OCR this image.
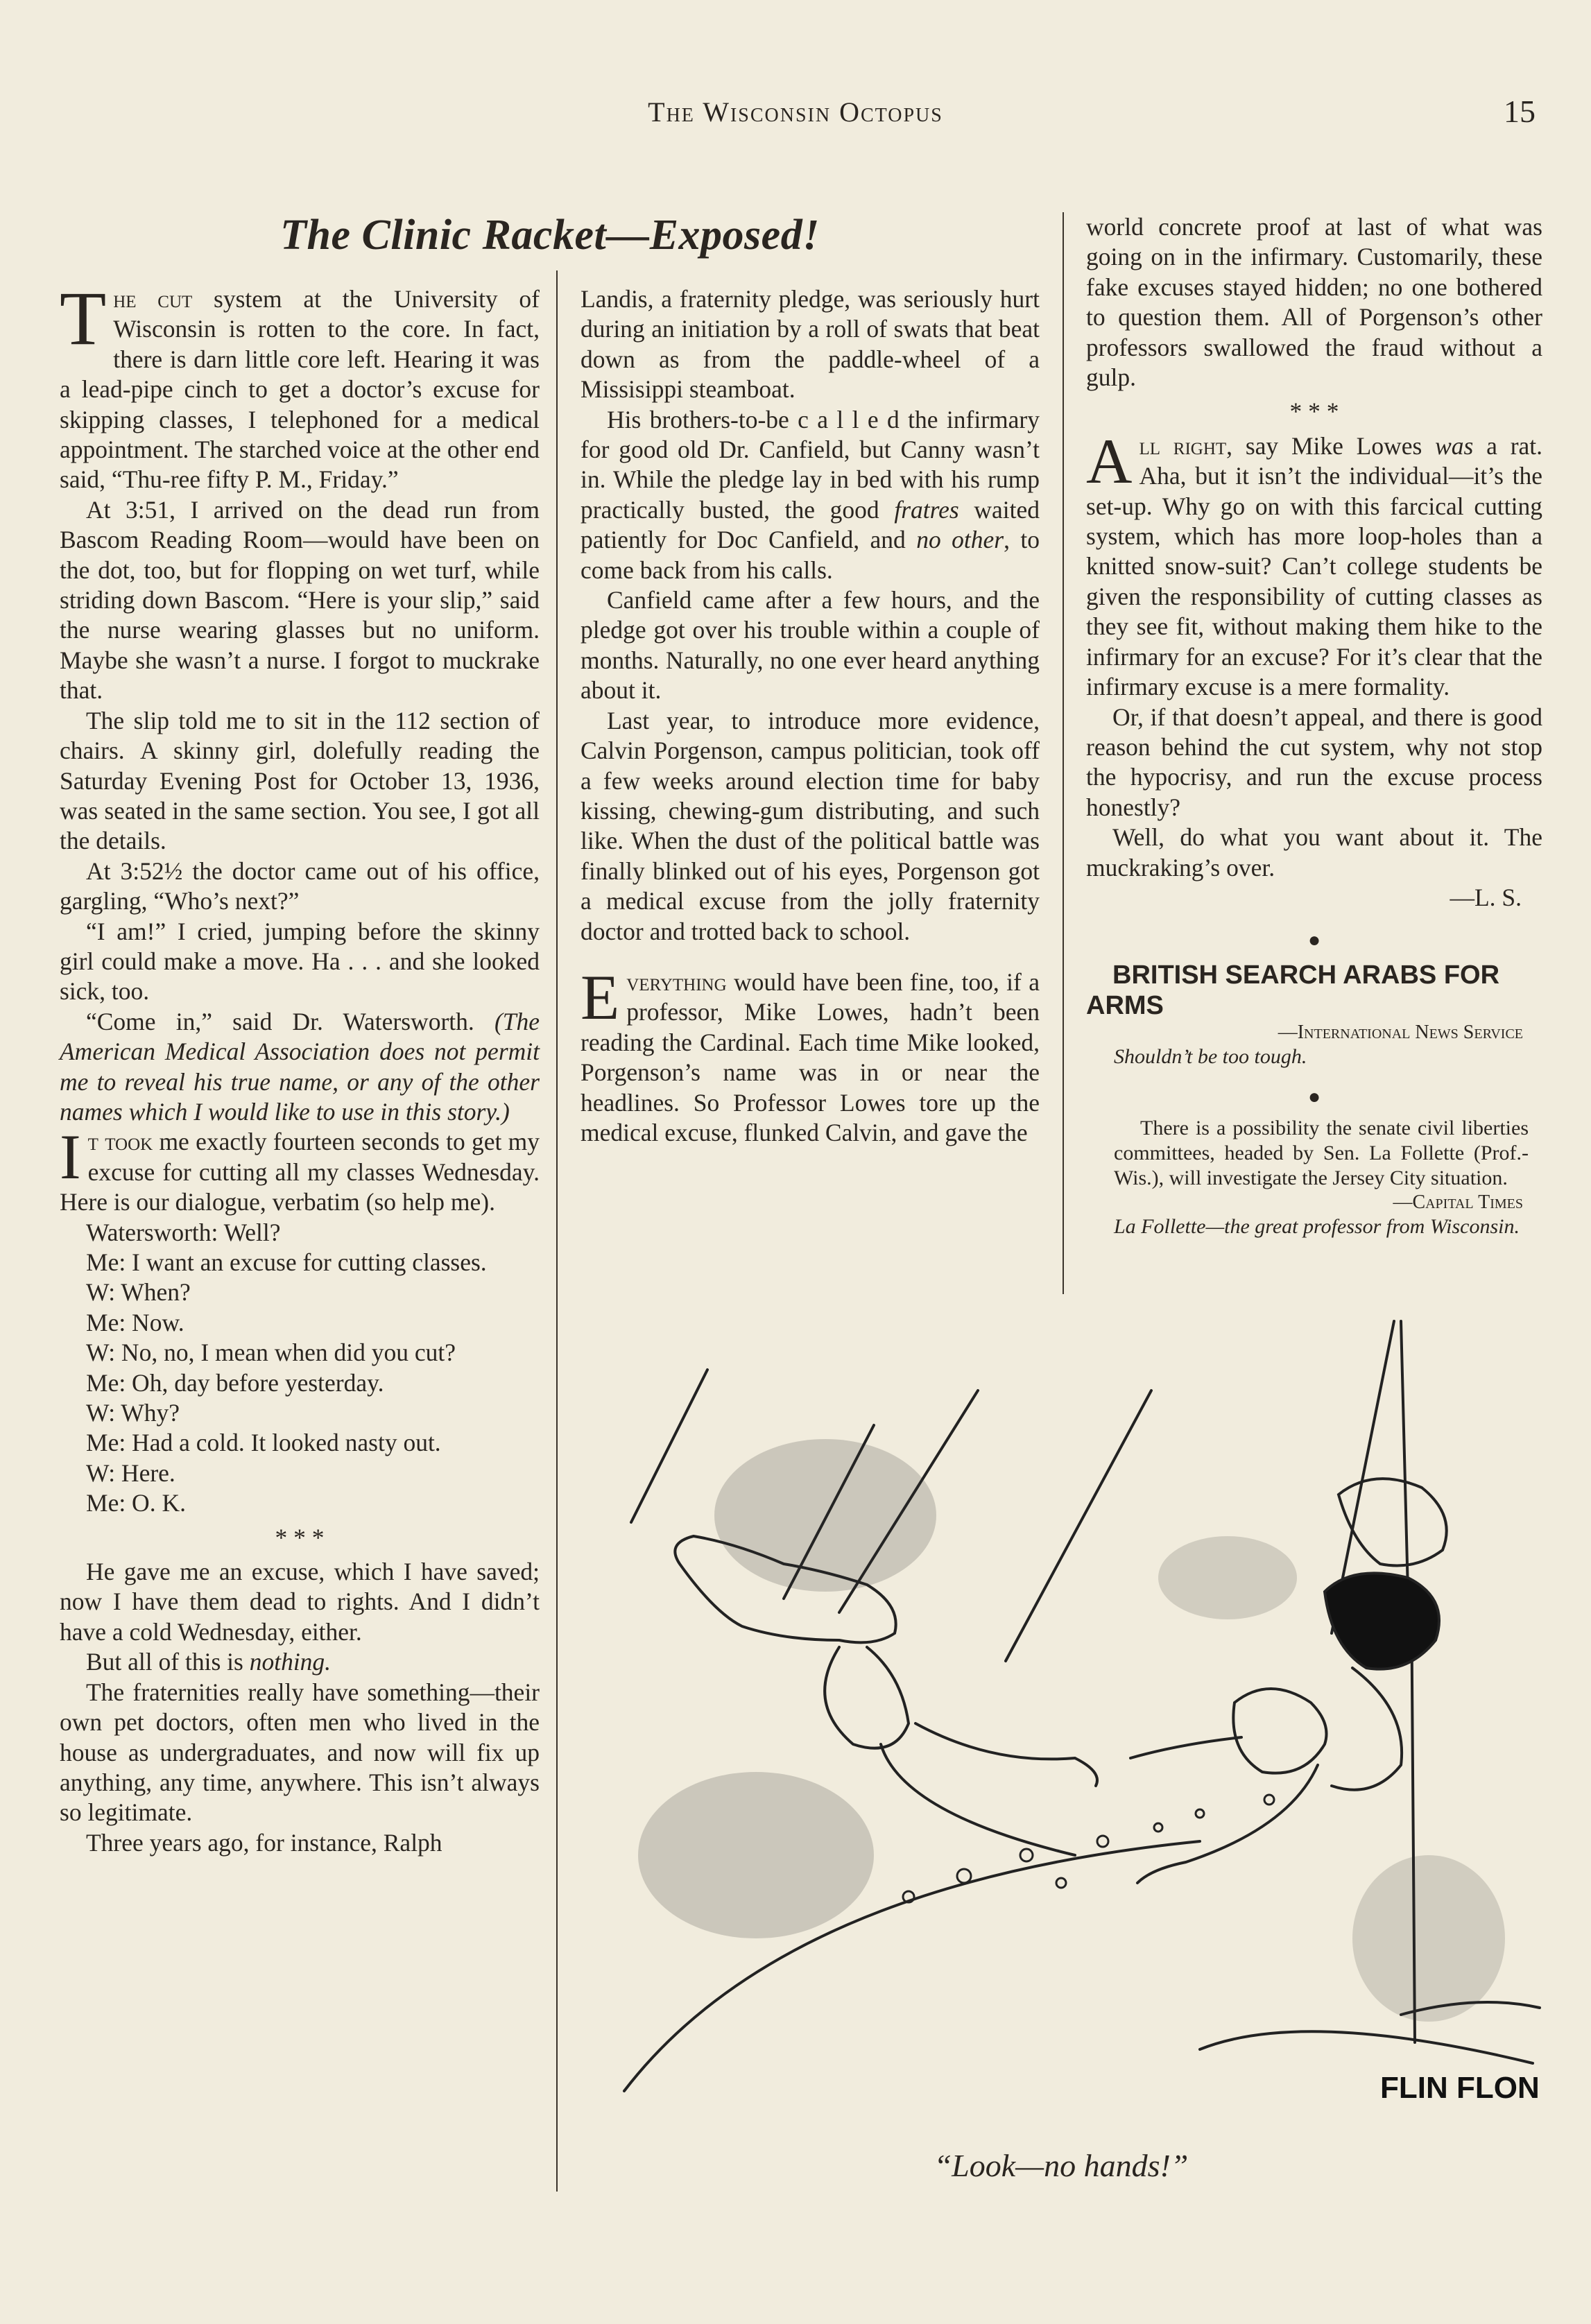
The Wisconsin Octopus	15
The Clinic Racket—Exposed!

The cut system at the University of Wisconsin is rotten to the core. In fact, there is darn little core left. Hearing it was a lead-pipe cinch to get a doctor’s excuse for skipping classes, I telephoned for a medical appointment. The starched voice at the other end said, “Thu-ree fifty P. M., Friday.”

At 3:51, I arrived on the dead run from Bascom Reading Room—would have been on the dot, too, but for flopping on wet turf, while striding down Bascom. “Here is your slip,” said the nurse wearing glasses but no uniform. Maybe she wasn’t a nurse. I forgot to muckrake that.

The slip told me to sit in the 112 section of chairs. A skinny girl, dolefully reading the Saturday Evening Post for October 13, 1936, was seated in the same section. You see, I got all the details.

At 3:52½ the doctor came out of his office, gargling, “Who’s next?”

“I am!” I cried, jumping before the skinny girl could make a move. Ha . . . and she looked sick, too.

“Come in,” said Dr. Watersworth. (The American Medical Association does not permit me to reveal his true name, or any of the other names which I would like to use in this story.)

It took me exactly fourteen seconds to get my excuse for cutting all my classes Wednesday. Here is our dialogue, verbatim (so help me).

Watersworth: Well?

Me: I want an excuse for cutting classes.

W: When?

Me: Now.

W: No, no, I mean when did you cut?

Me: Oh, day before yesterday.

W: Why?

Me: Had a cold. It looked nasty out.

W: Here.

Me: O. K.

* * *

He gave me an excuse, which I have saved; now I have them dead to rights. And I didn’t have a cold Wednesday, either.

But all of this is nothing.

The fraternities really have something—their own pet doctors, often men who lived in the house as undergraduates, and now will fix up anything, any time, anywhere. This isn’t always so legitimate.

Three years ago, for instance, Ralph

Landis, a fraternity pledge, was seriously hurt during an initiation by a roll of swats that beat down as from the paddle-wheel of a Missisippi steamboat.

His brothers-to-be c a l l e d the infirmary for good old Dr. Canfield, but Canny wasn’t in. While the pledge lay in bed with his rump practically busted, the good fratres waited patiently for Doc Canfield, and no other, to come back from his calls.

Canfield came after a few hours, and the pledge got over his trouble within a couple of months. Naturally, no one ever heard anything about it.

Last year, to introduce more evidence, Calvin Porgenson, campus politician, took off a few weeks around election time for baby kissing, chewing-gum distributing, and such like. When the dust of the political battle was finally blinked out of his eyes, Porgenson got a medical excuse from the jolly fraternity doctor and trotted back to school.

Everything would have been fine, too, if a professor, Mike Lowes, hadn’t been reading the Cardinal. Each time Mike looked, Porgenson’s name was in or near the headlines. So Professor Lowes tore up the medical excuse, flunked Calvin, and gave the

world concrete proof at last of what was going on in the infirmary. Customarily, these fake excuses stayed hidden; no one bothered to question them. All of Porgenson’s other professors swallowed the fraud without a gulp.

* * *

All right, say Mike Lowes was a rat. Aha, but it isn’t the individual—it’s the set-up. Why go on with this farcical cutting system, which has more loop-holes than a knitted snow-suit? Can’t college students be given the responsibility of cutting classes as they see fit, without making them hike to the infirmary for an excuse? For it’s clear that the infirmary excuse is a mere formality.

Or, if that doesn’t appeal, and there is good reason behind the cut system, why not stop the hypocrisy, and run the excuse process honestly?

Well, do what you want about it. The muckraking’s over.

—L. S.

●

BRITISH SEARCH ARABS FOR ARMS

—International News Service

Shouldn’t be too tough.

●

There is a possibility the senate civil liberties committees, headed by Sen. La Follette (Prof.-Wis.), will investigate the Jersey City situation.

—Capital Times

La Follette—the great professor from Wisconsin.

FLIN FLON
“Look—no hands!”
